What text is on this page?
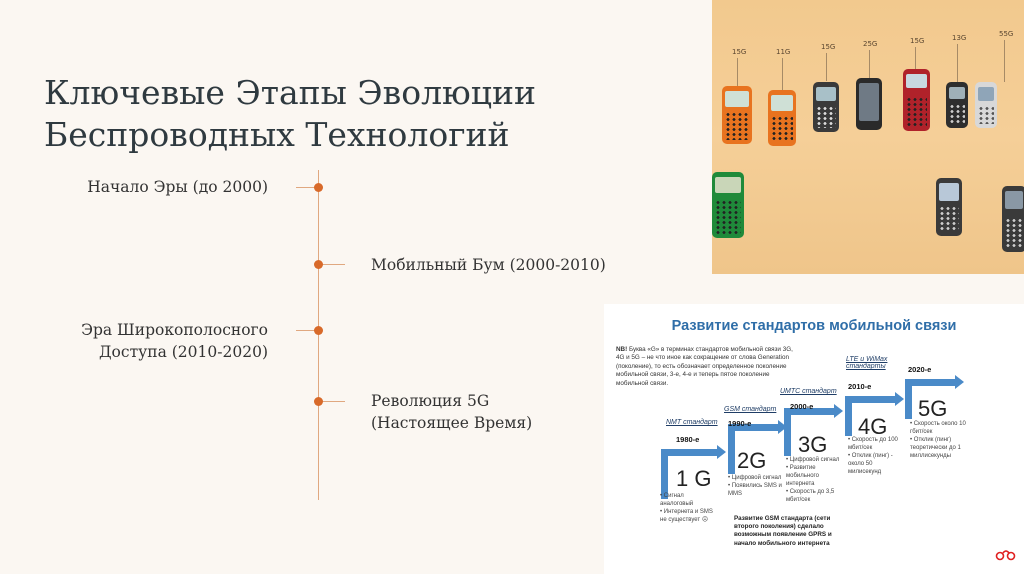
Ключевые Этапы Эволюции Беспроводных Технологий
Начало Эры (до 2000)
Мобильный Бум (2000-2010)
Эра Широкополосного Доступа (2010-2020)
Революция 5G (Настоящее Время)
15G	11G
15G	25G	15G	13G	55G
Развитие стандартов мобильной связи
NB! Буква «G» в терминах стандартов мобильной связи 3G, 4G и 5G – не что иное как сокращение от слова Generation (поколение), то есть обозначает определенное поколение мобильной связи, 3-е, 4-е и теперь пятое поколение мобильной связи.
NMT стандарт
1980-е
1 G
• Сигнал аналоговый
• Интернета и SMS не существует ☹
GSM стандарт
1990-е
2G
• Цифровой сигнал
• Появились SMS и MMS
Развитие GSM стандарта (сети второго поколения) сделало возможным появление GPRS и начало мобильного интернета
UMTC стандарт
2000-е
3G
• Цифровой сигнал
• Развитие мобильного интернета
• Скорость до 3,5 мбит/сек
LTE и WiMax стандарты
2010-е
4G
• Скорость до 100 мбит/сек
• Отклик (пинг) - около 50 милисекунд
2020-е
5G
• Скорость около 10 гбит/сек
• Отклик (пинг) теоретически до 1 миллисекунды
